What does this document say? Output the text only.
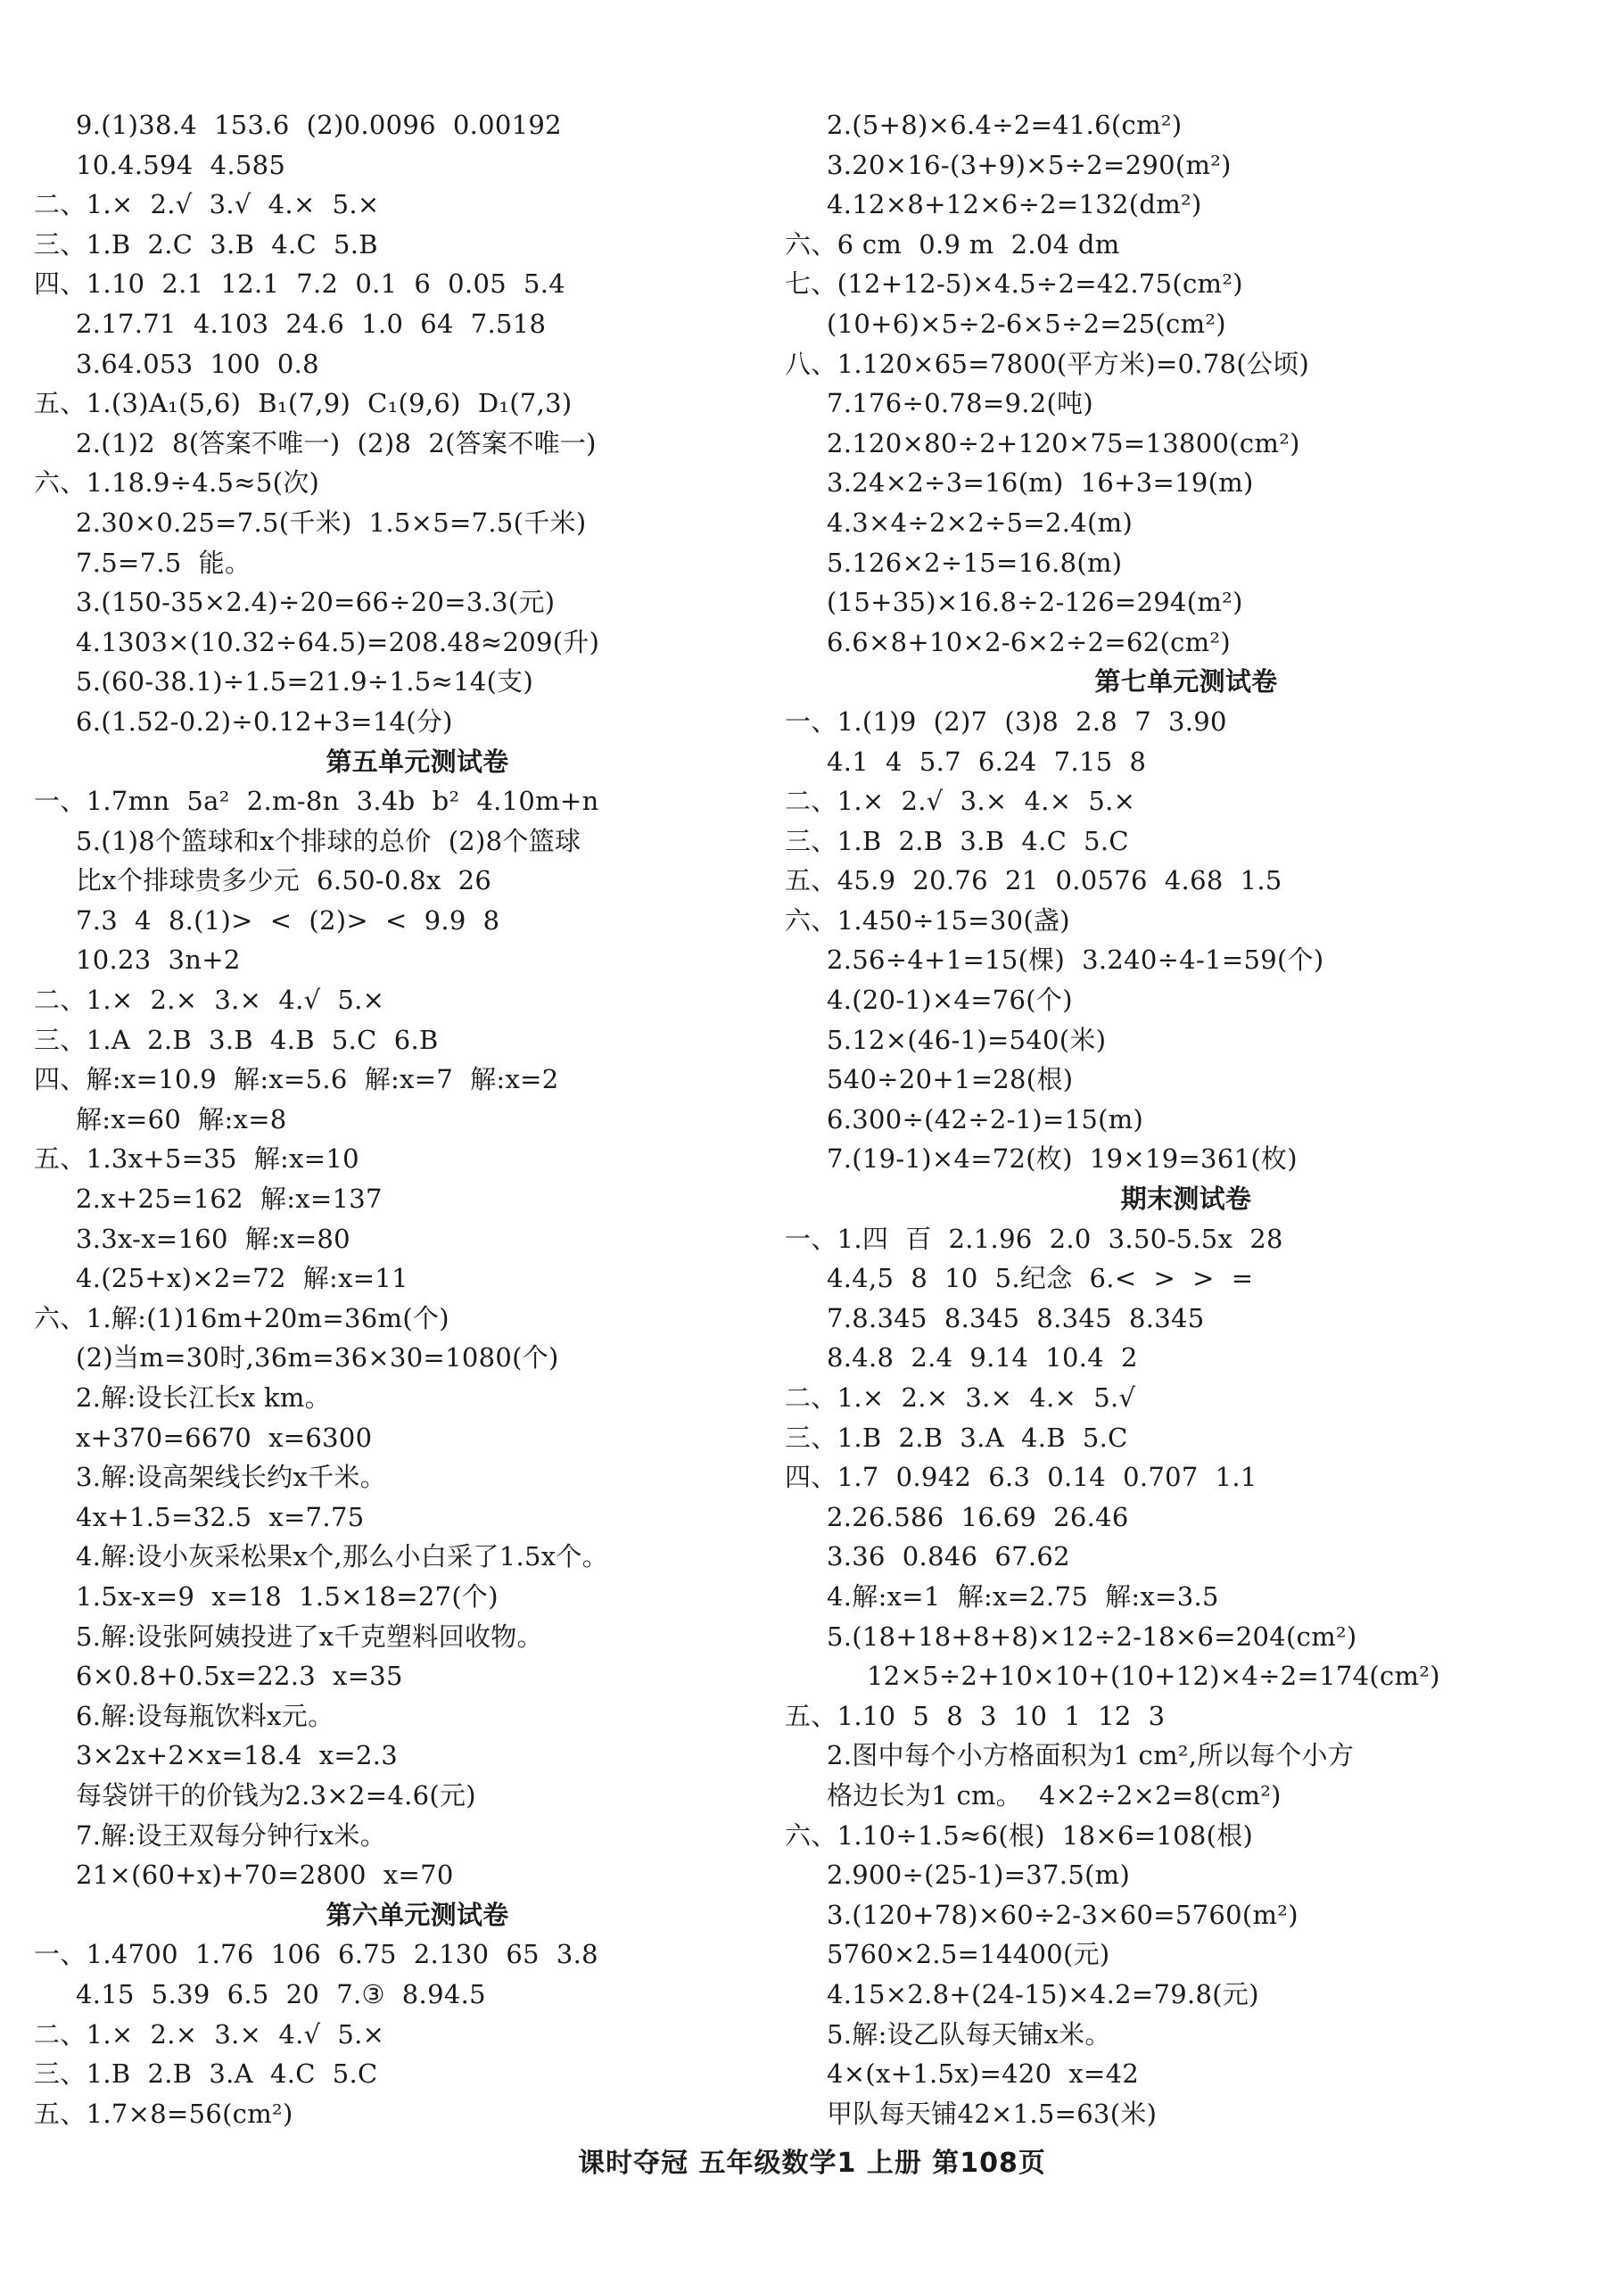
9.(1)38.4  153.6  (2)0.0096  0.00192
10.4.594  4.585
二、1.×  2.√  3.√  4.×  5.×
三、1.B  2.C  3.B  4.C  5.B
四、1.10  2.1  12.1  7.2  0.1  6  0.05  5.4
2.17.71  4.103  24.6  1.0  64  7.518
3.64.053  100  0.8
五、1.(3)A₁(5,6)  B₁(7,9)  C₁(9,6)  D₁(7,3)
2.(1)2  8(答案不唯一)  (2)8  2(答案不唯一)
六、1.18.9÷4.5≈5(次)
2.30×0.25=7.5(千米)  1.5×5=7.5(千米)
7.5=7.5  能。
3.(150-35×2.4)÷20=66÷20=3.3(元)
4.1303×(10.32÷64.5)=208.48≈209(升)
5.(60-38.1)÷1.5=21.9÷1.5≈14(支)
6.(1.52-0.2)÷0.12+3=14(分)
第五单元测试卷
一、1.7mn  5a²  2.m-8n  3.4b  b²  4.10m+n
5.(1)8个篮球和x个排球的总价  (2)8个篮球
比x个排球贵多少元  6.50-0.8x  26
7.3  4  8.(1)>  <  (2)>  <  9.9  8
10.23  3n+2
二、1.×  2.×  3.×  4.√  5.×
三、1.A  2.B  3.B  4.B  5.C  6.B
四、解:x=10.9  解:x=5.6  解:x=7  解:x=2
解:x=60  解:x=8
五、1.3x+5=35  解:x=10
2.x+25=162  解:x=137
3.3x-x=160  解:x=80
4.(25+x)×2=72  解:x=11
六、1.解:(1)16m+20m=36m(个)
(2)当m=30时,36m=36×30=1080(个)
2.解:设长江长x km。
x+370=6670  x=6300
3.解:设高架线长约x千米。
4x+1.5=32.5  x=7.75
4.解:设小灰采松果x个,那么小白采了1.5x个。
1.5x-x=9  x=18  1.5×18=27(个)
5.解:设张阿姨投进了x千克塑料回收物。
6×0.8+0.5x=22.3  x=35
6.解:设每瓶饮料x元。
3×2x+2×x=18.4  x=2.3
每袋饼干的价钱为2.3×2=4.6(元)
7.解:设王双每分钟行x米。
21×(60+x)+70=2800  x=70
第六单元测试卷
一、1.4700  1.76  106  6.75  2.130  65  3.8
4.15  5.39  6.5  20  7.③  8.94.5
二、1.×  2.×  3.×  4.√  5.×
三、1.B  2.B  3.A  4.C  5.C
五、1.7×8=56(cm²)
2.(5+8)×6.4÷2=41.6(cm²)
3.20×16-(3+9)×5÷2=290(m²)
4.12×8+12×6÷2=132(dm²)
六、6 cm  0.9 m  2.04 dm
七、(12+12-5)×4.5÷2=42.75(cm²)
(10+6)×5÷2-6×5÷2=25(cm²)
八、1.120×65=7800(平方米)=0.78(公顷)
7.176÷0.78=9.2(吨)
2.120×80÷2+120×75=13800(cm²)
3.24×2÷3=16(m)  16+3=19(m)
4.3×4÷2×2÷5=2.4(m)
5.126×2÷15=16.8(m)
(15+35)×16.8÷2-126=294(m²)
6.6×8+10×2-6×2÷2=62(cm²)
第七单元测试卷
一、1.(1)9  (2)7  (3)8  2.8  7  3.90
4.1  4  5.7  6.24  7.15  8
二、1.×  2.√  3.×  4.×  5.×
三、1.B  2.B  3.B  4.C  5.C
五、45.9  20.76  21  0.0576  4.68  1.5
六、1.450÷15=30(盏)
2.56÷4+1=15(棵)  3.240÷4-1=59(个)
4.(20-1)×4=76(个)
5.12×(46-1)=540(米)
540÷20+1=28(根)
6.300÷(42÷2-1)=15(m)
7.(19-1)×4=72(枚)  19×19=361(枚)
期末测试卷
一、1.四  百  2.1.96  2.0  3.50-5.5x  28
4.4,5  8  10  5.纪念  6.<  >  >  =
7.8.345  8.345  8.345  8.345
8.4.8  2.4  9.14  10.4  2
二、1.×  2.×  3.×  4.×  5.√
三、1.B  2.B  3.A  4.B  5.C
四、1.7  0.942  6.3  0.14  0.707  1.1
2.26.586  16.69  26.46
3.36  0.846  67.62
4.解:x=1  解:x=2.75  解:x=3.5
5.(18+18+8+8)×12÷2-18×6=204(cm²)
12×5÷2+10×10+(10+12)×4÷2=174(cm²)
五、1.10  5  8  3  10  1  12  3
2.图中每个小方格面积为1 cm²,所以每个小方
格边长为1 cm。  4×2÷2×2=8(cm²)
六、1.10÷1.5≈6(根)  18×6=108(根)
2.900÷(25-1)=37.5(m)
3.(120+78)×60÷2-3×60=5760(m²)
5760×2.5=14400(元)
4.15×2.8+(24-15)×4.2=79.8(元)
5.解:设乙队每天铺x米。
4×(x+1.5x)=420  x=42
甲队每天铺42×1.5=63(米)
课时夺冠 五年级数学1 上册 第108页
